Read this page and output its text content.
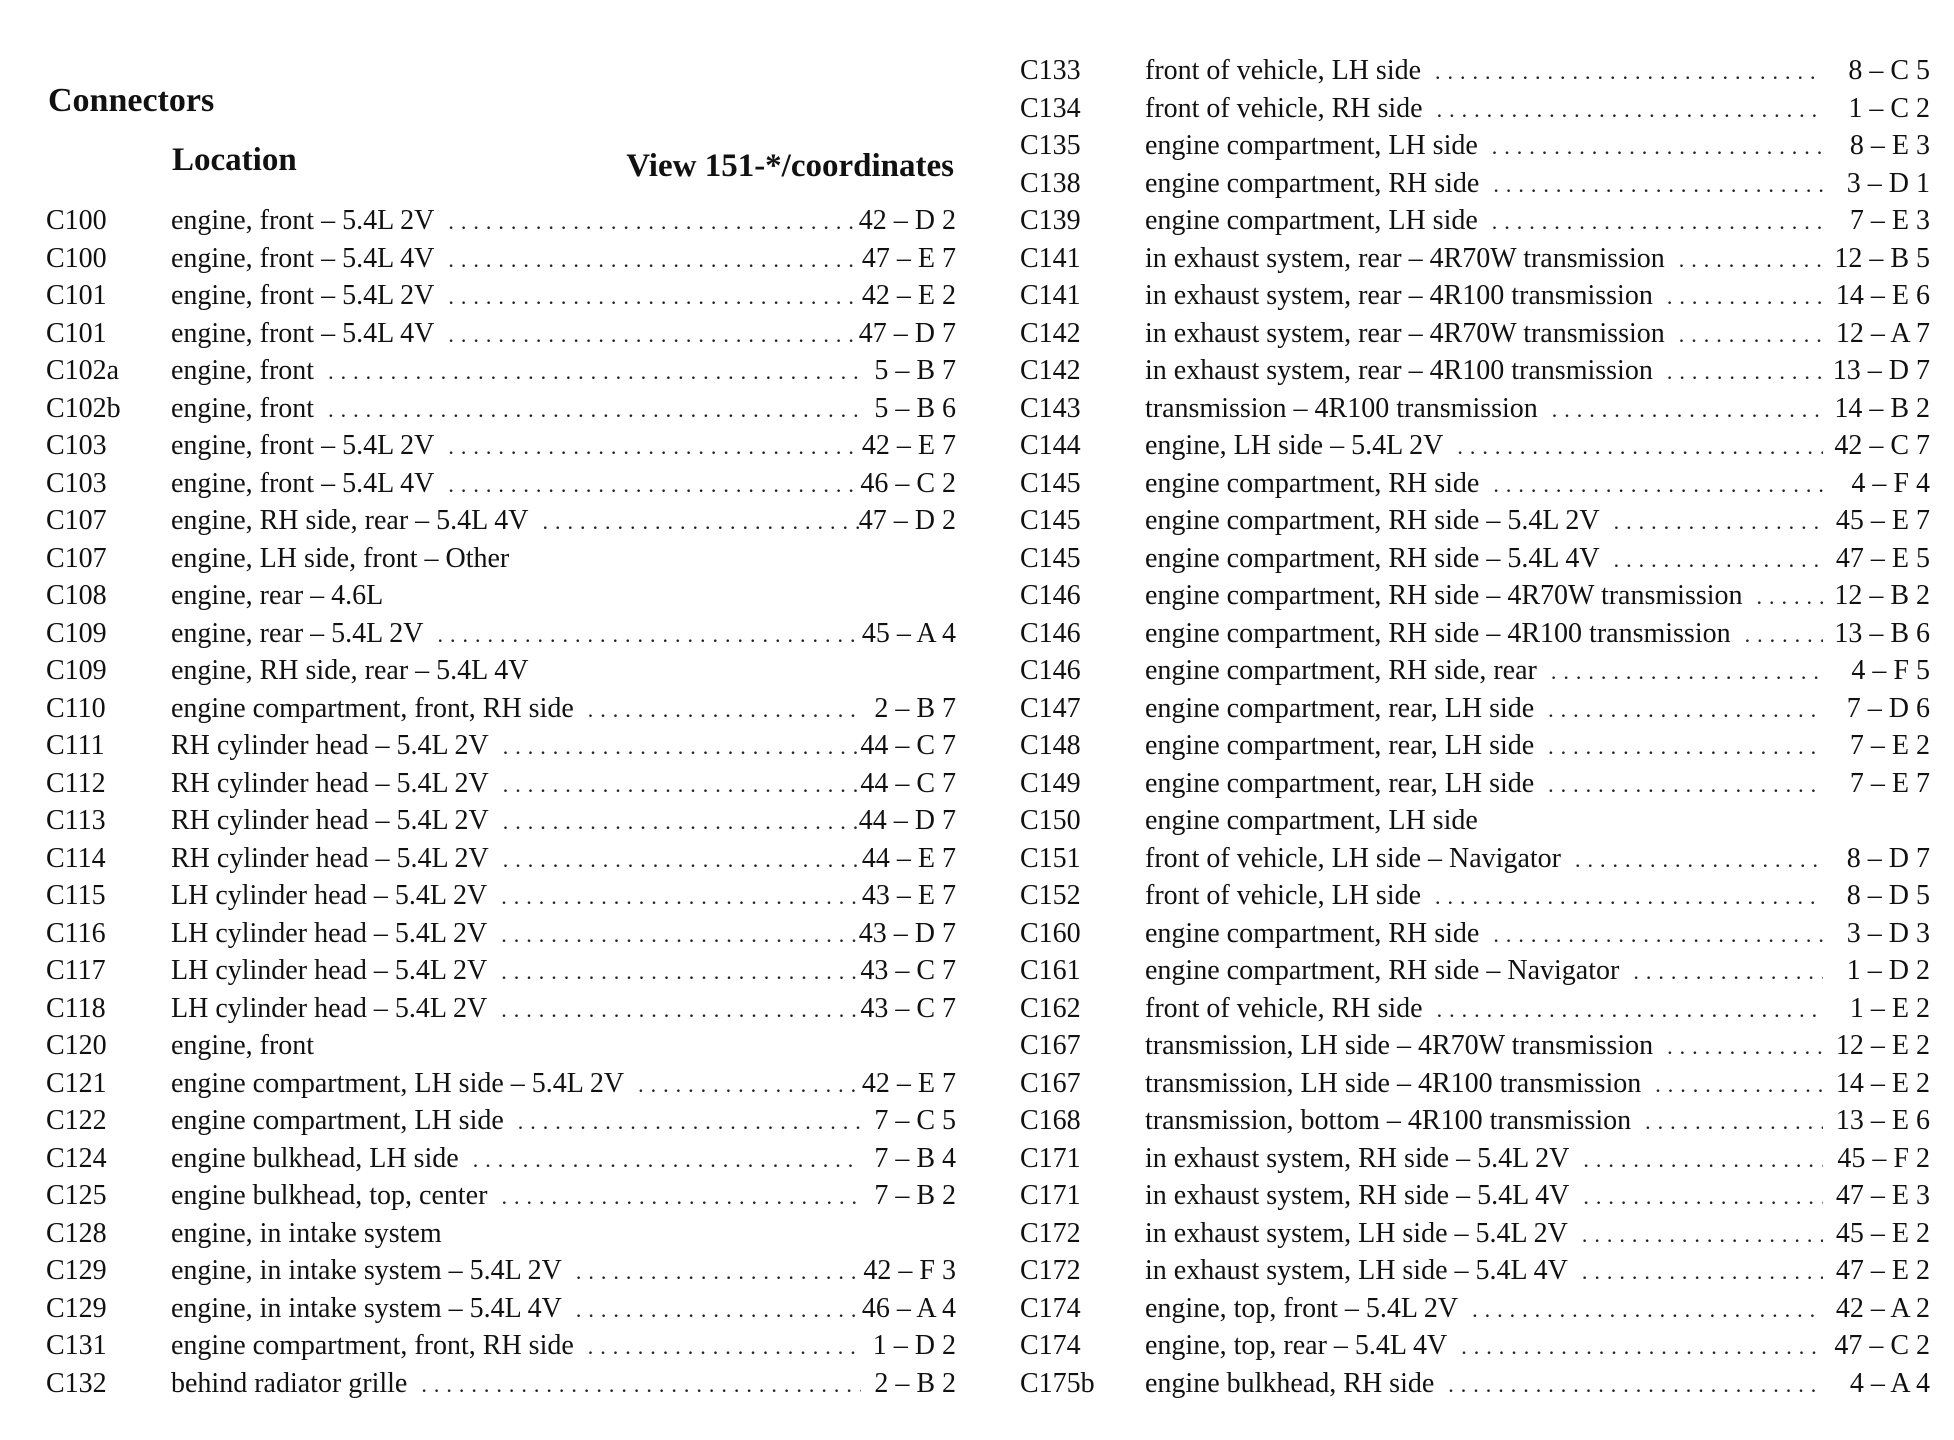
Connectors
Location	View 151-*/coordinates
C100	engine, front – 5.4L 2V .....	42 – D 2
C100	engine, front – 5.4L 4V .....	47 – E 7
C101	engine, front – 5.4L 2V .....	42 – E 2
C101	engine, front – 5.4L 4V .....	47 – D 7
C102a	engine, front .....	5 – B 7
C102b	engine, front .....	5 – B 6
C103	engine, front – 5.4L 2V .....	42 – E 7
C103	engine, front – 5.4L 4V .....	46 – C 2
C107	engine, RH side, rear – 5.4L 4V .....	47 – D 2
C107	engine, LH side, front – Other
C108	engine, rear – 4.6L
C109	engine, rear – 5.4L 2V .....	45 – A 4
C109	engine, RH side, rear – 5.4L 4V
C110	engine compartment, front, RH side .....	2 – B 7
C111	RH cylinder head – 5.4L 2V .....	44 – C 7
C112	RH cylinder head – 5.4L 2V .....	44 – C 7
C113	RH cylinder head – 5.4L 2V .....	44 – D 7
C114	RH cylinder head – 5.4L 2V .....	44 – E 7
C115	LH cylinder head – 5.4L 2V .....	43 – E 7
C116	LH cylinder head – 5.4L 2V .....	43 – D 7
C117	LH cylinder head – 5.4L 2V .....	43 – C 7
C118	LH cylinder head – 5.4L 2V .....	43 – C 7
C120	engine, front
C121	engine compartment, LH side – 5.4L 2V .....	42 – E 7
C122	engine compartment, LH side .....	7 – C 5
C124	engine bulkhead, LH side .....	7 – B 4
C125	engine bulkhead, top, center .....	7 – B 2
C128	engine, in intake system
C129	engine, in intake system – 5.4L 2V .....	42 – F 3
C129	engine, in intake system – 5.4L 4V .....	46 – A 4
C131	engine compartment, front, RH side .....	1 – D 2
C132	behind radiator grille .....	2 – B 2
C133	front of vehicle, LH side .....	8 – C 5
C134	front of vehicle, RH side .....	1 – C 2
C135	engine compartment, LH side .....	8 – E 3
C138	engine compartment, RH side .....	3 – D 1
C139	engine compartment, LH side .....	7 – E 3
C141	in exhaust system, rear – 4R70W transmission .....	12 – B 5
C141	in exhaust system, rear – 4R100 transmission .....	14 – E 6
C142	in exhaust system, rear – 4R70W transmission .....	12 – A 7
C142	in exhaust system, rear – 4R100 transmission .....	13 – D 7
C143	transmission – 4R100 transmission .....	14 – B 2
C144	engine, LH side – 5.4L 2V .....	42 – C 7
C145	engine compartment, RH side .....	4 – F 4
C145	engine compartment, RH side – 5.4L 2V .....	45 – E 7
C145	engine compartment, RH side – 5.4L 4V .....	47 – E 5
C146	engine compartment, RH side – 4R70W transmission .....	12 – B 2
C146	engine compartment, RH side – 4R100 transmission .....	13 – B 6
C146	engine compartment, RH side, rear .....	4 – F 5
C147	engine compartment, rear, LH side .....	7 – D 6
C148	engine compartment, rear, LH side .....	7 – E 2
C149	engine compartment, rear, LH side .....	7 – E 7
C150	engine compartment, LH side
C151	front of vehicle, LH side – Navigator .....	8 – D 7
C152	front of vehicle, LH side .....	8 – D 5
C160	engine compartment, RH side .....	3 – D 3
C161	engine compartment, RH side – Navigator .....	1 – D 2
C162	front of vehicle, RH side .....	1 – E 2
C167	transmission, LH side – 4R70W transmission .....	12 – E 2
C167	transmission, LH side – 4R100 transmission .....	14 – E 2
C168	transmission, bottom – 4R100 transmission .....	13 – E 6
C171	in exhaust system, RH side – 5.4L 2V .....	45 – F 2
C171	in exhaust system, RH side – 5.4L 4V .....	47 – E 3
C172	in exhaust system, LH side – 5.4L 2V .....	45 – E 2
C172	in exhaust system, LH side – 5.4L 4V .....	47 – E 2
C174	engine, top, front – 5.4L 2V .....	42 – A 2
C174	engine, top, rear – 5.4L 4V .....	47 – C 2
C175b	engine bulkhead, RH side .....	4 – A 4
